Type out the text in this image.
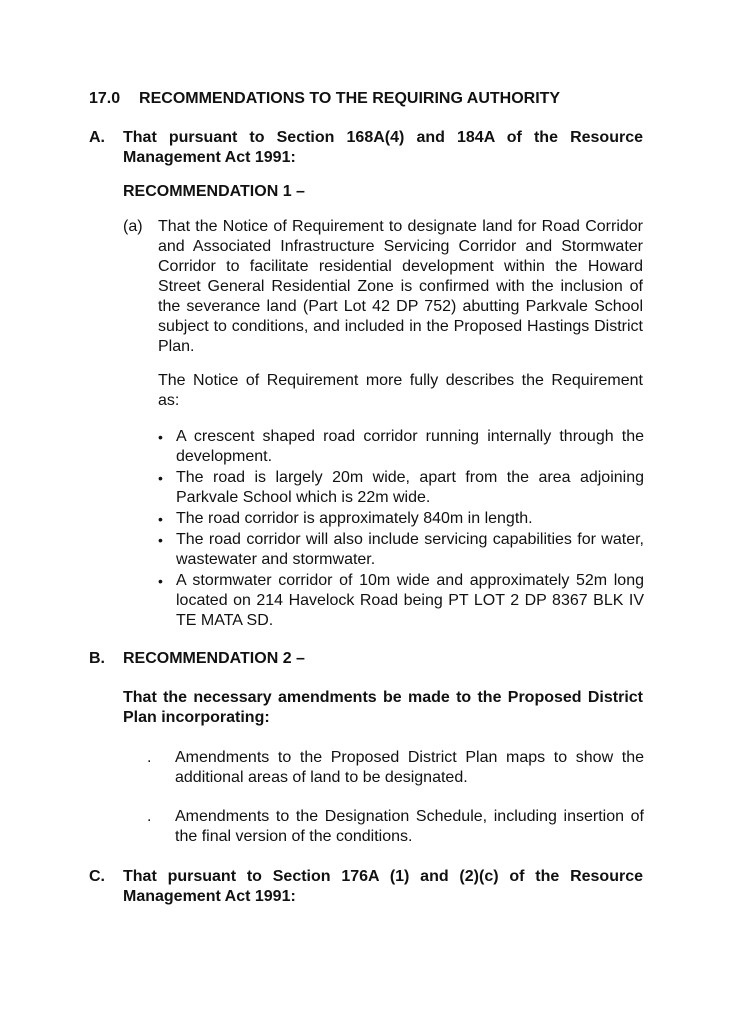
17.0 RECOMMENDATIONS TO THE REQUIRING AUTHORITY
A.	That pursuant to Section 168A(4) and 184A of the Resource Management Act 1991:
RECOMMENDATION 1 –
(a) That the Notice of Requirement to designate land for Road Corridor and Associated Infrastructure Servicing Corridor and Stormwater Corridor to facilitate residential development within the Howard Street General Residential Zone is confirmed with the inclusion of the severance land (Part Lot 42 DP 752) abutting Parkvale School subject to conditions, and included in the Proposed Hastings District Plan.
The Notice of Requirement more fully describes the Requirement as:
• A crescent shaped road corridor running internally through the development.
• The road is largely 20m wide, apart from the area adjoining Parkvale School which is 22m wide.
• The road corridor is approximately 840m in length.
• The road corridor will also include servicing capabilities for water, wastewater and stormwater.
• A stormwater corridor of 10m wide and approximately 52m long located on 214 Havelock Road being PT LOT 2 DP 8367 BLK IV TE MATA SD.
B.	RECOMMENDATION 2 –
That the necessary amendments be made to the Proposed District Plan incorporating:
.	Amendments to the Proposed District Plan maps to show the additional areas of land to be designated.
.	Amendments to the Designation Schedule, including insertion of the final version of the conditions.
C.	That pursuant to Section 176A (1) and (2)(c) of the Resource Management Act 1991:
